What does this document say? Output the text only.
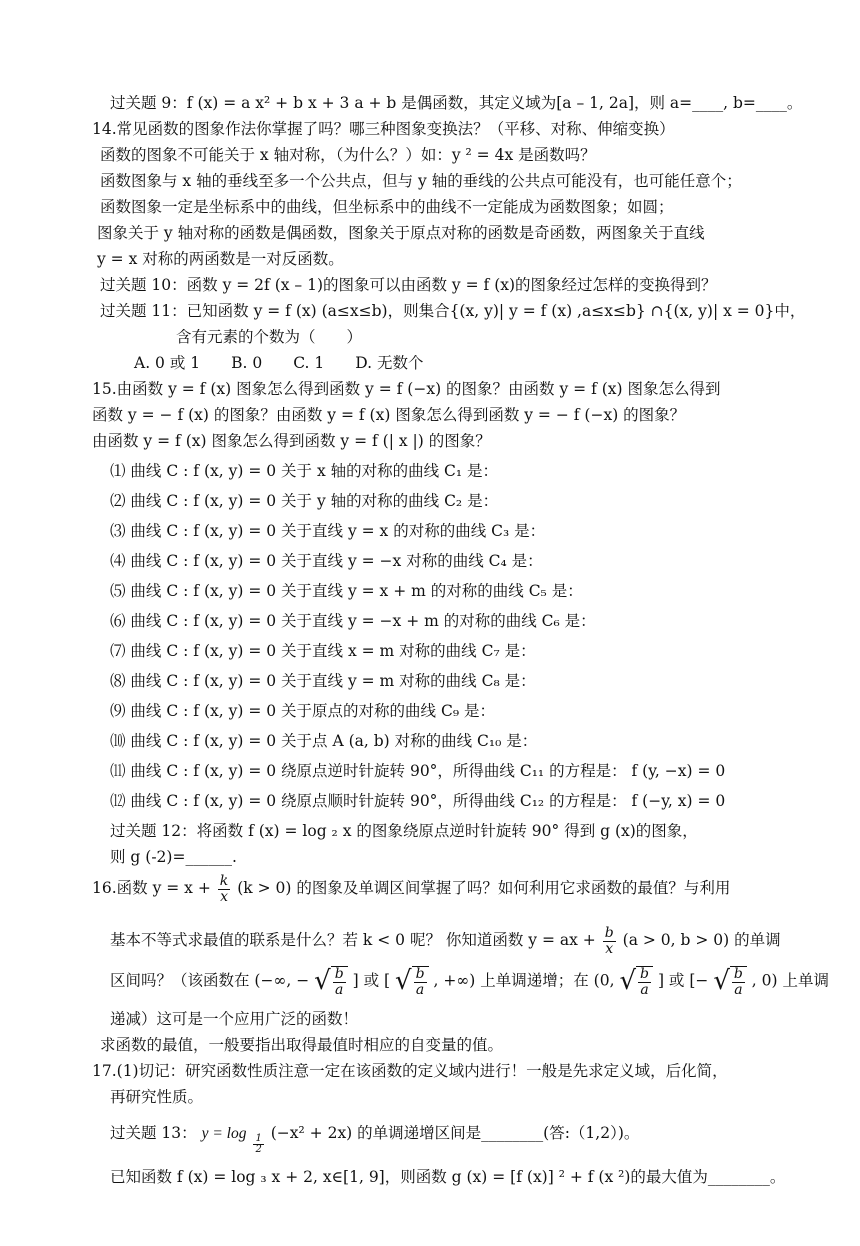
过关题 9：f (x) = a x² + b x + 3 a + b 是偶函数，其定义域为[a – 1, 2a]，则 a=____, b=____。
14.常见函数的图象作法你掌握了吗？哪三种图象变换法？（平移、对称、伸缩变换）
函数的图象不可能关于 x 轴对称，（为什么？）如：y ² = 4x 是函数吗？
函数图象与 x 轴的垂线至多一个公共点，但与 y 轴的垂线的公共点可能没有，也可能任意个；
函数图象一定是坐标系中的曲线，但坐标系中的曲线不一定能成为函数图象；如圆；
图象关于 y 轴对称的函数是偶函数，图象关于原点对称的函数是奇函数，两图象关于直线
y = x 对称的两函数是一对反函数。
过关题 10：函数 y = 2f (x – 1)的图象可以由函数 y = f (x)的图象经过怎样的变换得到？
过关题 11：已知函数 y = f (x) (a≤x≤b)，则集合{(x, y)| y = f (x) ,a≤x≤b} ∩{(x, y)| x = 0}中，
含有元素的个数为（　　）
A. 0 或 1　　B. 0　　C. 1　　D. 无数个
15.由函数 y = f (x) 图象怎么得到函数 y = f (−x) 的图象？由函数 y = f (x) 图象怎么得到
函数 y = − f (x) 的图象？由函数 y = f (x) 图象怎么得到函数 y = − f (−x) 的图象？
由函数 y = f (x) 图象怎么得到函数 y = f (| x |) 的图象？
⑴ 曲线 C : f (x, y) = 0 关于 x 轴的对称的曲线 C₁ 是：
⑵ 曲线 C : f (x, y) = 0 关于 y 轴的对称的曲线 C₂ 是：
⑶ 曲线 C : f (x, y) = 0 关于直线 y = x 的对称的曲线 C₃ 是：
⑷ 曲线 C : f (x, y) = 0 关于直线 y = −x 对称的曲线 C₄ 是：
⑸ 曲线 C : f (x, y) = 0 关于直线 y = x + m 的对称的曲线 C₅ 是：
⑹ 曲线 C : f (x, y) = 0 关于直线 y = −x + m 的对称的曲线 C₆ 是：
⑺ 曲线 C : f (x, y) = 0 关于直线 x = m 对称的曲线 C₇ 是：
⑻ 曲线 C : f (x, y) = 0 关于直线 y = m 对称的曲线 C₈ 是：
⑼ 曲线 C : f (x, y) = 0 关于原点的对称的曲线 C₉ 是：
⑽ 曲线 C : f (x, y) = 0 关于点 A (a, b) 对称的曲线 C₁₀ 是：
⑾ 曲线 C : f (x, y) = 0 绕原点逆时针旋转 90°，所得曲线 C₁₁ 的方程是： f (y, −x) = 0
⑿ 曲线 C : f (x, y) = 0 绕原点顺时针旋转 90°，所得曲线 C₁₂ 的方程是： f (−y, x) = 0
过关题 12：将函数 f (x) = log ₂ x 的图象绕原点逆时针旋转 90° 得到 g (x)的图象，
则 g (-2)=______.
16.函数 $y = x + \frac{k}{x} (k > 0)$ 的图象及单调区间掌握了吗？如何利用它求函数的最值？与利用
基本不等式求最值的联系是什么？若 k < 0 呢？ 你知道函数 y = ax + $\frac{b}{x} (a > 0$, b > 0) 的单调
区间吗？（该函数在 (−∞, − √ $\frac{b}{a}$ ] 或 [ √ $\frac{b}{a}$ , +∞) 上单调递增；在 (0, √ $\frac{b}{a}$ ] 或 [− √ $\frac{b}{a}$ , 0) 上单调
递减）这可是一个应用广泛的函数！
求函数的最值，一般要指出取得最值时相应的自变量的值。
17.(1)切记：研究函数性质注意一定在该函数的定义域内进行！一般是先求定义域，后化简，
再研究性质。
过关题 13： $y = \log \frac{1}{2}$
(−x² + 2x) 的单调递增区间是________(答:（1,2）)。
已知函数 f (x) = log ₃ x + 2, x∈[1, 9]，则函数 g (x) = [f (x)] ² + f (x ²)的最大值为________。
